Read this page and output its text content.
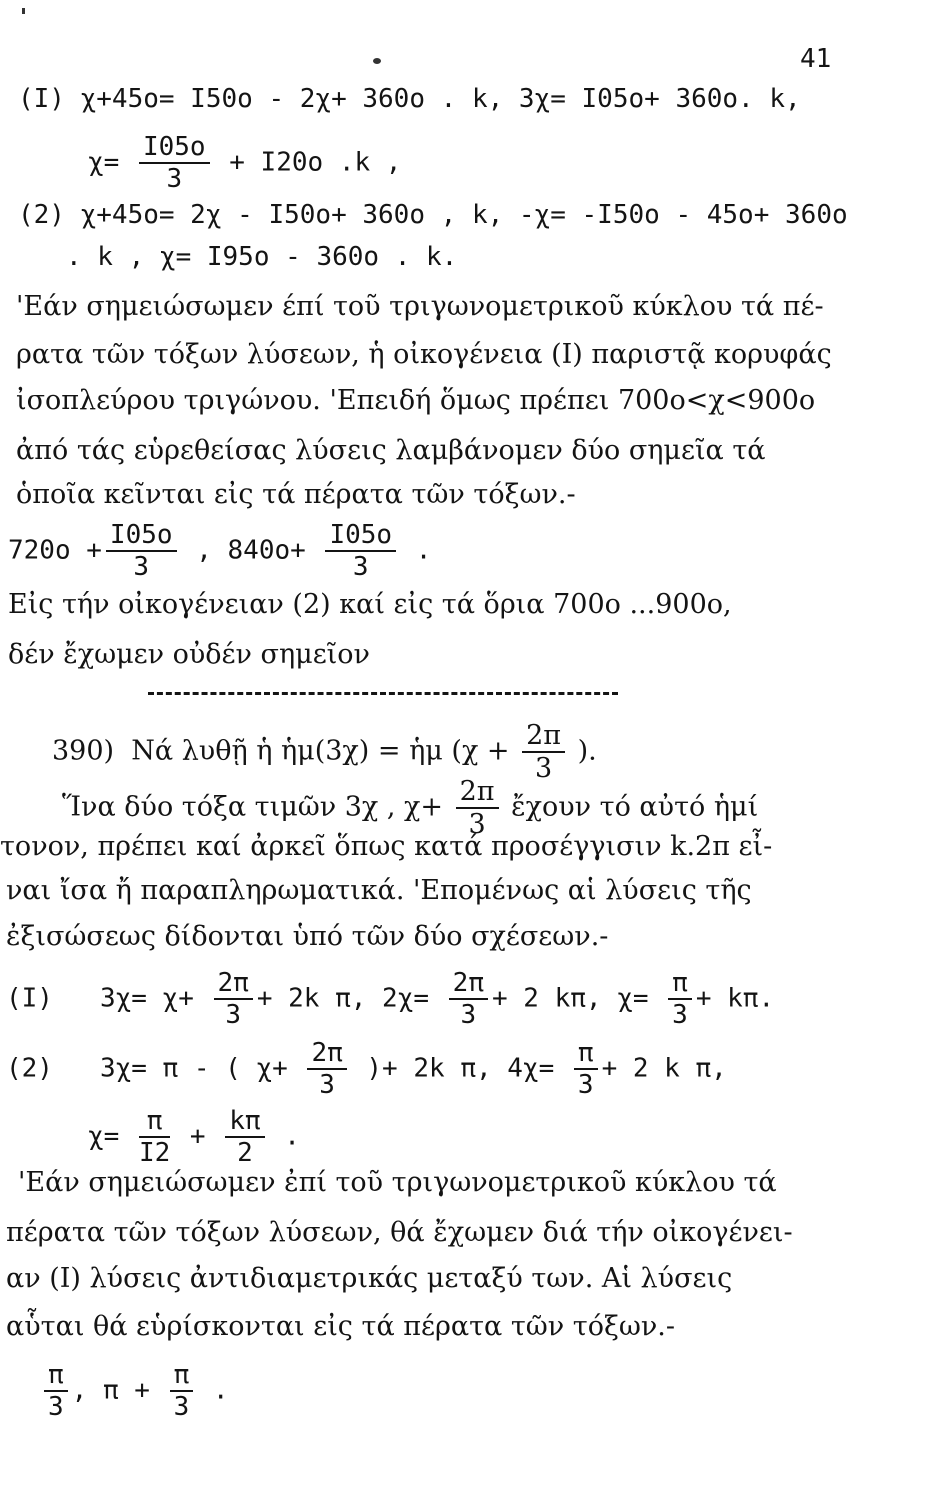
41
(I) χ+45ο= I50ο - 2χ+ 360ο . k, 3χ= I05ο+ 360ο. k,
$\chi= \frac{I05o}{3} + I20o$ .k ,
(2) χ+45ο= 2χ - I50ο+ 360ο , k, -χ= -I50ο - 45ο+ 360ο
. k , χ= I95ο - 360ο . k.
'Εάν σημειώσωμεν έπί τοῦ τριγωνομετρικοῦ κύκλου τά πέ-
ρατα τῶν τόξων λύσεων, ἡ οἰκογένεια (I) παριστᾷ κορυφάς
ἰσοπλεύρου τριγώνου. 'Επειδή ὅμως πρέπει 700ο<χ<900ο
ἀπό τάς εὑρεθείσας λύσεις λαμβάνομεν δύο σημεῖα τά
ὁποῖα κεῖνται εἰς τά πέρατα τῶν τόξων.-
$720o + \frac{I05o}{3}$ , $840o+ \frac{I05o}{3}$ .
Εἰς τήν οἰκογένειαν (2) καί εἰς τά ὅρια 700ο ...900ο,
δέν ἔχωμεν οὐδέν σημεῖον
390) Νά λυθῇ ἡ ἡμ(3χ) = ἡμ ($\chi + \frac{2\pi}{3}$ ).
Ἵνα δύο τόξα τιμῶν 3χ , $\chi+ \frac{2\pi}{3}$ ἔχουν τό αὐτό ἡμί
τονον, πρέπει καί ἀρκεῖ ὅπως κατά προσέγγισιν k.2π εἶ-
ναι ἴσα ἤ παραπληρωματικά. 'Επομένως αἱ λύσεις τῆς
ἐξισώσεως δίδονται ὑπό τῶν δύο σχέσεων.-
(I) $3\chi= \chi+ \frac{2\pi}{3} + 2k$ π, $2\chi= \frac{2\pi}{3} + 2$ kπ, $\chi= \frac{\pi}{3} + k\pi$.
(2) 3χ= π - ( $\chi+ \frac{2\pi}{3}$ )+ 2k π, $4\chi= \frac{\pi}{3} + 2$ k π,
$\chi= \frac{\pi}{I2} + \frac{k\pi}{2}$ .
'Εάν σημειώσωμεν ἐπί τοῦ τριγωνομετρικοῦ κύκλου τά
πέρατα τῶν τόξων λύσεων, θά ἔχωμεν διά τήν οἰκογένει-
αν (I) λύσεις ἀντιδιαμετρικάς μεταξύ των. Αἱ λύσεις
αὗται θά εὑρίσκονται εἰς τά πέρατα τῶν τόξων.-
$\frac{\pi}{3}$ , $\pi + \frac{\pi}{3}$ .
